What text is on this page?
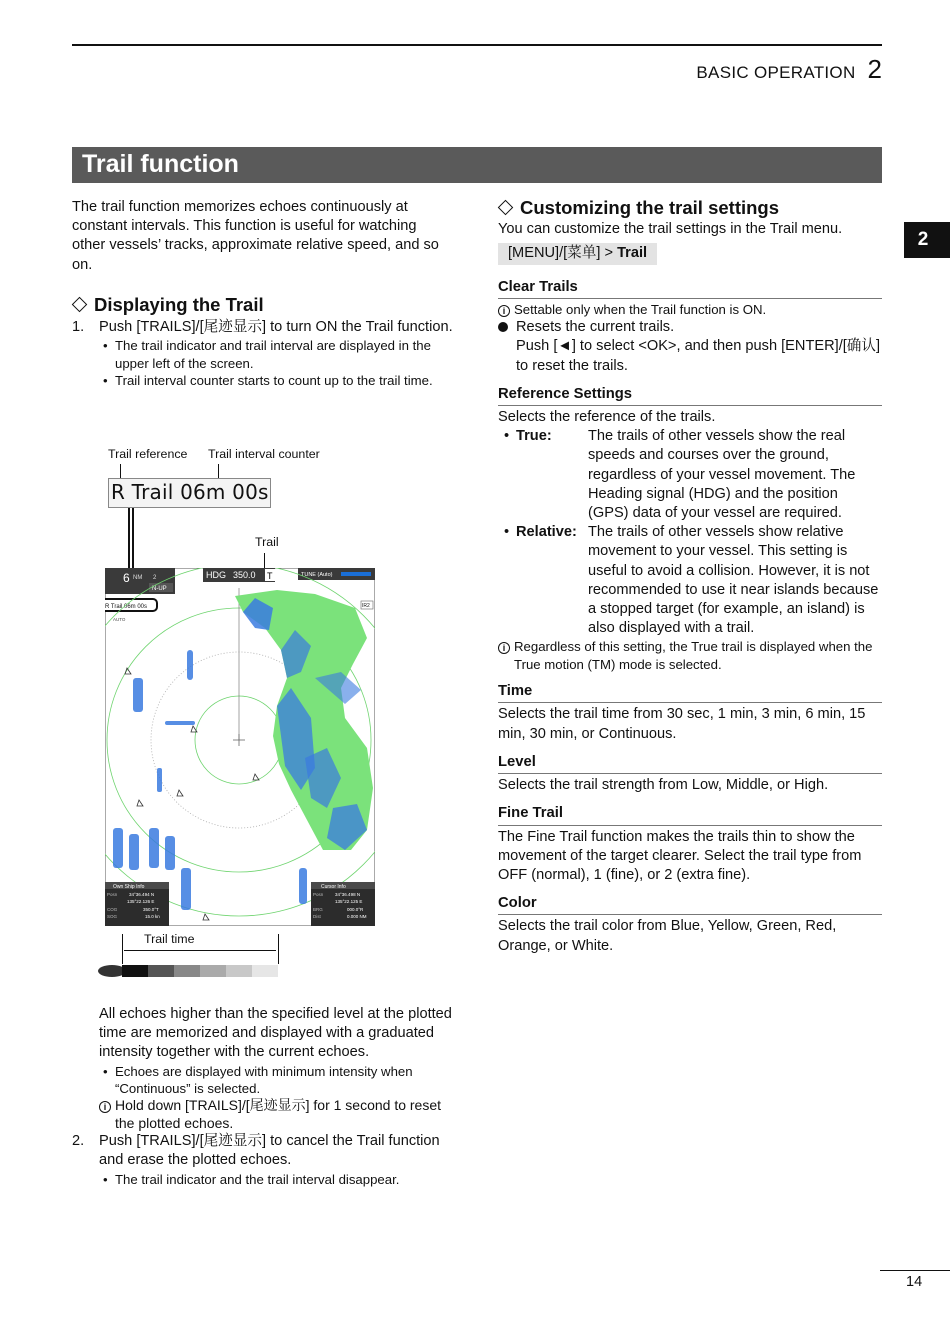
BASIC OPERATION 2
Trail function
2

The trail function memorizes echoes continuously at constant intervals. This function is useful for watching other vessels’ tracks, approximate relative speed, and so on.

Displaying the Trail
1.	Push [TRAILS]/[尾迹显示] to turn ON the Trail function.
• The trail indicator and trail interval are displayed in the upper left of the screen.
• Trail interval counter starts to count up to the trail time.
Trail reference Trail interval counter
R Trail 06m 00s
Trail
6 NM 2
N-UP
HDG 350.0 T	TUNE (Auto)
R Trail 06m 00s
AUTO
IR2
Own Ship Info
Posn	34°36.494 N
135°22.126 E
COG	350.0°T
SOG	15.0 kn
Cursor Info
Posn	34°36.498 N
135°22.125 E
BRG	000.0°R
Dist	0.000 NM
Trail time

All echoes higher than the specified level at the plotted time are memorized and displayed with a graduated intensity together with the current echoes.

• Echoes are displayed with minimum intensity when “Continuous” is selected.
i Hold down [TRAILS]/[尾迹显示] for 1 second to reset the plotted echoes.
2.	Push [TRAILS]/[尾迹显示] to cancel the Trail function and erase the plotted echoes.
• The trail indicator and the trail interval disappear.
Customizing the trail settings

You can customize the trail settings in the Trail menu.

[MENU]/[菜单] > Trail
Clear Trails
i Settable only when the Trail function is ON.
Resets the current trails.

Push [◄] to select <OK>, and then push [ENTER]/[确认] to reset the trails.

Reference Settings

Selects the reference of the trails.

• True:	The trails of other vessels show the real speeds and courses over the ground, regardless of your vessel movement. The Heading signal (HDG) and the position (GPS) data of your vessel are required.
• Relative: The trails of other vessels show relative movement to your vessel. This setting is useful to avoid a collision. However, it is not recommended to use it near islands because a stopped target (for example, an island) is also displayed with a trail.
i Regardless of this setting, the True trail is displayed when the True motion (TM) mode is selected.
Time

Selects the trail time from 30 sec, 1 min, 3 min, 6 min, 15 min, 30 min, or Continuous.

Level

Selects the trail strength from Low, Middle, or High.

Fine Trail

The Fine Trail function makes the trails thin to show the movement of the target clearer. Select the trail type from OFF (normal), 1 (fine), or 2 (extra fine).

Color

Selects the trail color from Blue, Yellow, Green, Red, Orange, or White.

14
